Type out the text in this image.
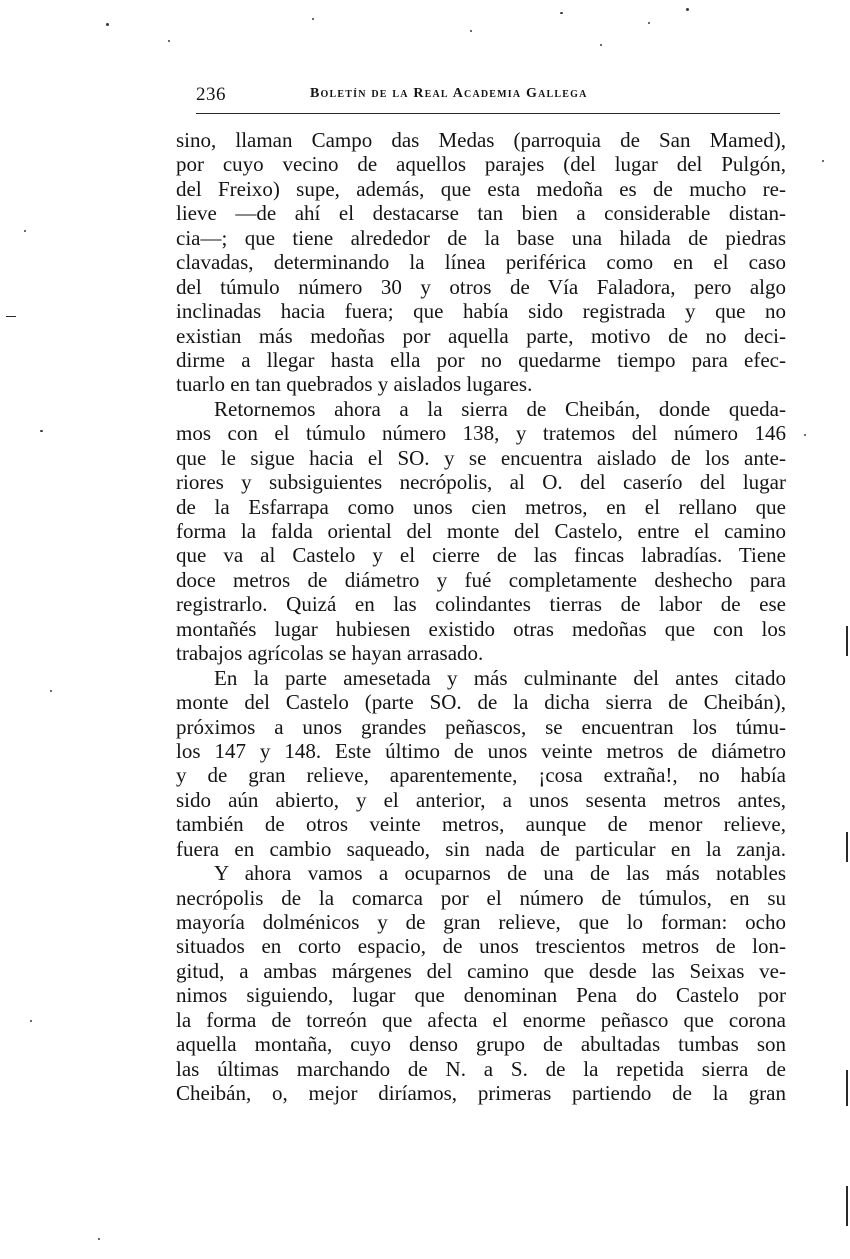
236	Boletín de la Real Academia Gallega
sino, llaman Campo das Medas (parroquia de San Mamed),
por cuyo vecino de aquellos parajes (del lugar del Pulgón,
del Freixo) supe, además, que esta medoña es de mucho re-
lieve —de ahí el destacarse tan bien a considerable distan-
cia—; que tiene alrededor de la base una hilada de piedras
clavadas, determinando la línea periférica como en el caso
del túmulo número 30 y otros de Vía Faladora, pero algo
inclinadas hacia fuera; que había sido registrada y que no
existian más medoñas por aquella parte, motivo de no deci-
dirme a llegar hasta ella por no quedarme tiempo para efec-
tuarlo en tan quebrados y aislados lugares.
Retornemos ahora a la sierra de Cheibán, donde queda-
mos con el túmulo número 138, y tratemos del número 146
que le sigue hacia el SO. y se encuentra aislado de los ante-
riores y subsiguientes necrópolis, al O. del caserío del lugar
de la Esfarrapa como unos cien metros, en el rellano que
forma la falda oriental del monte del Castelo, entre el camino
que va al Castelo y el cierre de las fincas labradías. Tiene
doce metros de diámetro y fué completamente deshecho para
registrarlo. Quizá en las colindantes tierras de labor de ese
montañés lugar hubiesen existido otras medoñas que con los
trabajos agrícolas se hayan arrasado.
En la parte amesetada y más culminante del antes citado
monte del Castelo (parte SO. de la dicha sierra de Cheibán),
próximos a unos grandes peñascos, se encuentran los túmu-
los 147 y 148. Este último de unos veinte metros de diámetro
y de gran relieve, aparentemente, ¡cosa extraña!, no había
sido aún abierto, y el anterior, a unos sesenta metros antes,
también de otros veinte metros, aunque de menor relieve,
fuera en cambio saqueado, sin nada de particular en la zanja.
Y ahora vamos a ocuparnos de una de las más notables
necrópolis de la comarca por el número de túmulos, en su
mayoría dolménicos y de gran relieve, que lo forman: ocho
situados en corto espacio, de unos trescientos metros de lon-
gitud, a ambas márgenes del camino que desde las Seixas ve-
nimos siguiendo, lugar que denominan Pena do Castelo por
la forma de torreón que afecta el enorme peñasco que corona
aquella montaña, cuyo denso grupo de abultadas tumbas son
las últimas marchando de N. a S. de la repetida sierra de
Cheibán, o, mejor diríamos, primeras partiendo de la gran
